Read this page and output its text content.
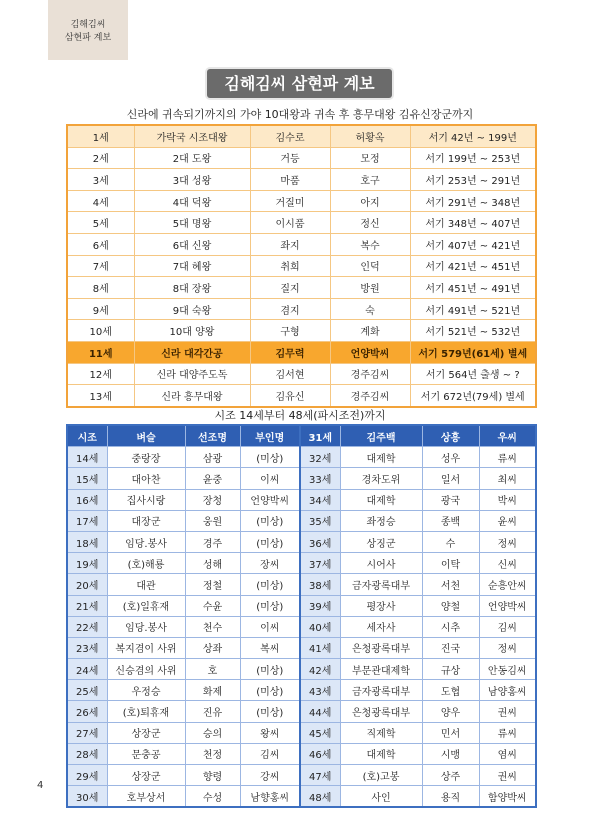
김해김씨
삼현파 계보
김해김씨 삼현파 계보
신라에 귀속되기까지의 가야 10대왕과 귀속 후 흥무대왕 김유신장군까지
1세	가락국 시조대왕	김수로	허황옥	서기 42년 ~ 199년
2세	2대 도왕	거등	모정	서기 199년 ~ 253년
3세	3대 성왕	마품	호구	서기 253년 ~ 291년
4세	4대 덕왕	거질미	아지	서기 291년 ~ 348년
5세	5대 명왕	이시품	정신	서기 348년 ~ 407년
6세	6대 신왕	좌지	복수	서기 407년 ~ 421년
7세	7대 혜왕	취희	인덕	서기 421년 ~ 451년
8세	8대 장왕	질지	방원	서기 451년 ~ 491년
9세	9대 숙왕	겸지	숙	서기 491년 ~ 521년
10세	10대 양왕	구형	계화	서기 521년 ~ 532년
11세	신라 대각간공	김무력	언양박씨	서기 579년(61세) 별세
12세	신라 대양주도독	김서현	경주김씨	서기 564년 출생 ~ ?
13세	신라 흥무대왕	김유신	경주김씨	서기 672년(79세) 별세
시조 14세부터 48세(파시조전)까지
시조	벼슬	선조명	부인명	31세	김주백	상흥	우씨
14세	중랑장	삼광	(미상)	32세	대제학	성우	류씨
15세	대아찬	윤중	이씨	33세	경차도위	일서	최씨
16세	집사시랑	장청	언양박씨	34세	대제학	광국	박씨
17세	대장군	웅원	(미상)	35세	좌정승	종백	윤씨
18세	임당.봉사	경주	(미상)	36세	상징군	수	정씨
19세	(호)해룡	성해	장씨	37세	시어사	이탁	신씨
20세	대관	정철	(미상)	38세	금자광록대부	서천	순흥안씨
21세	(호)일휴재	수윤	(미상)	39세	평장사	양철	언양박씨
22세	임당.봉사	천수	이씨	40세	세자사	시추	김씨
23세	복지겸이 사위	상좌	복씨	41세	은청광록대부	진국	정씨
24세	신승겸의 사위	호	(미상)	42세	부문관대제학	규상	안동김씨
25세	우정승	화제	(미상)	43세	금자광록대부	도협	남양홍씨
26세	(호)퇴휴재	진유	(미상)	44세	은청광록대부	양우	권씨
27세	상장군	승의	왕씨	45세	직제학	민서	류씨
28세	문충공	천정	김씨	46세	대제학	시맹	염씨
29세	상장군	향령	강씨	47세	(호)고봉	상주	권씨
30세	호부상서	수성	남향홍씨	48세	사인	용직	함양박씨
4
